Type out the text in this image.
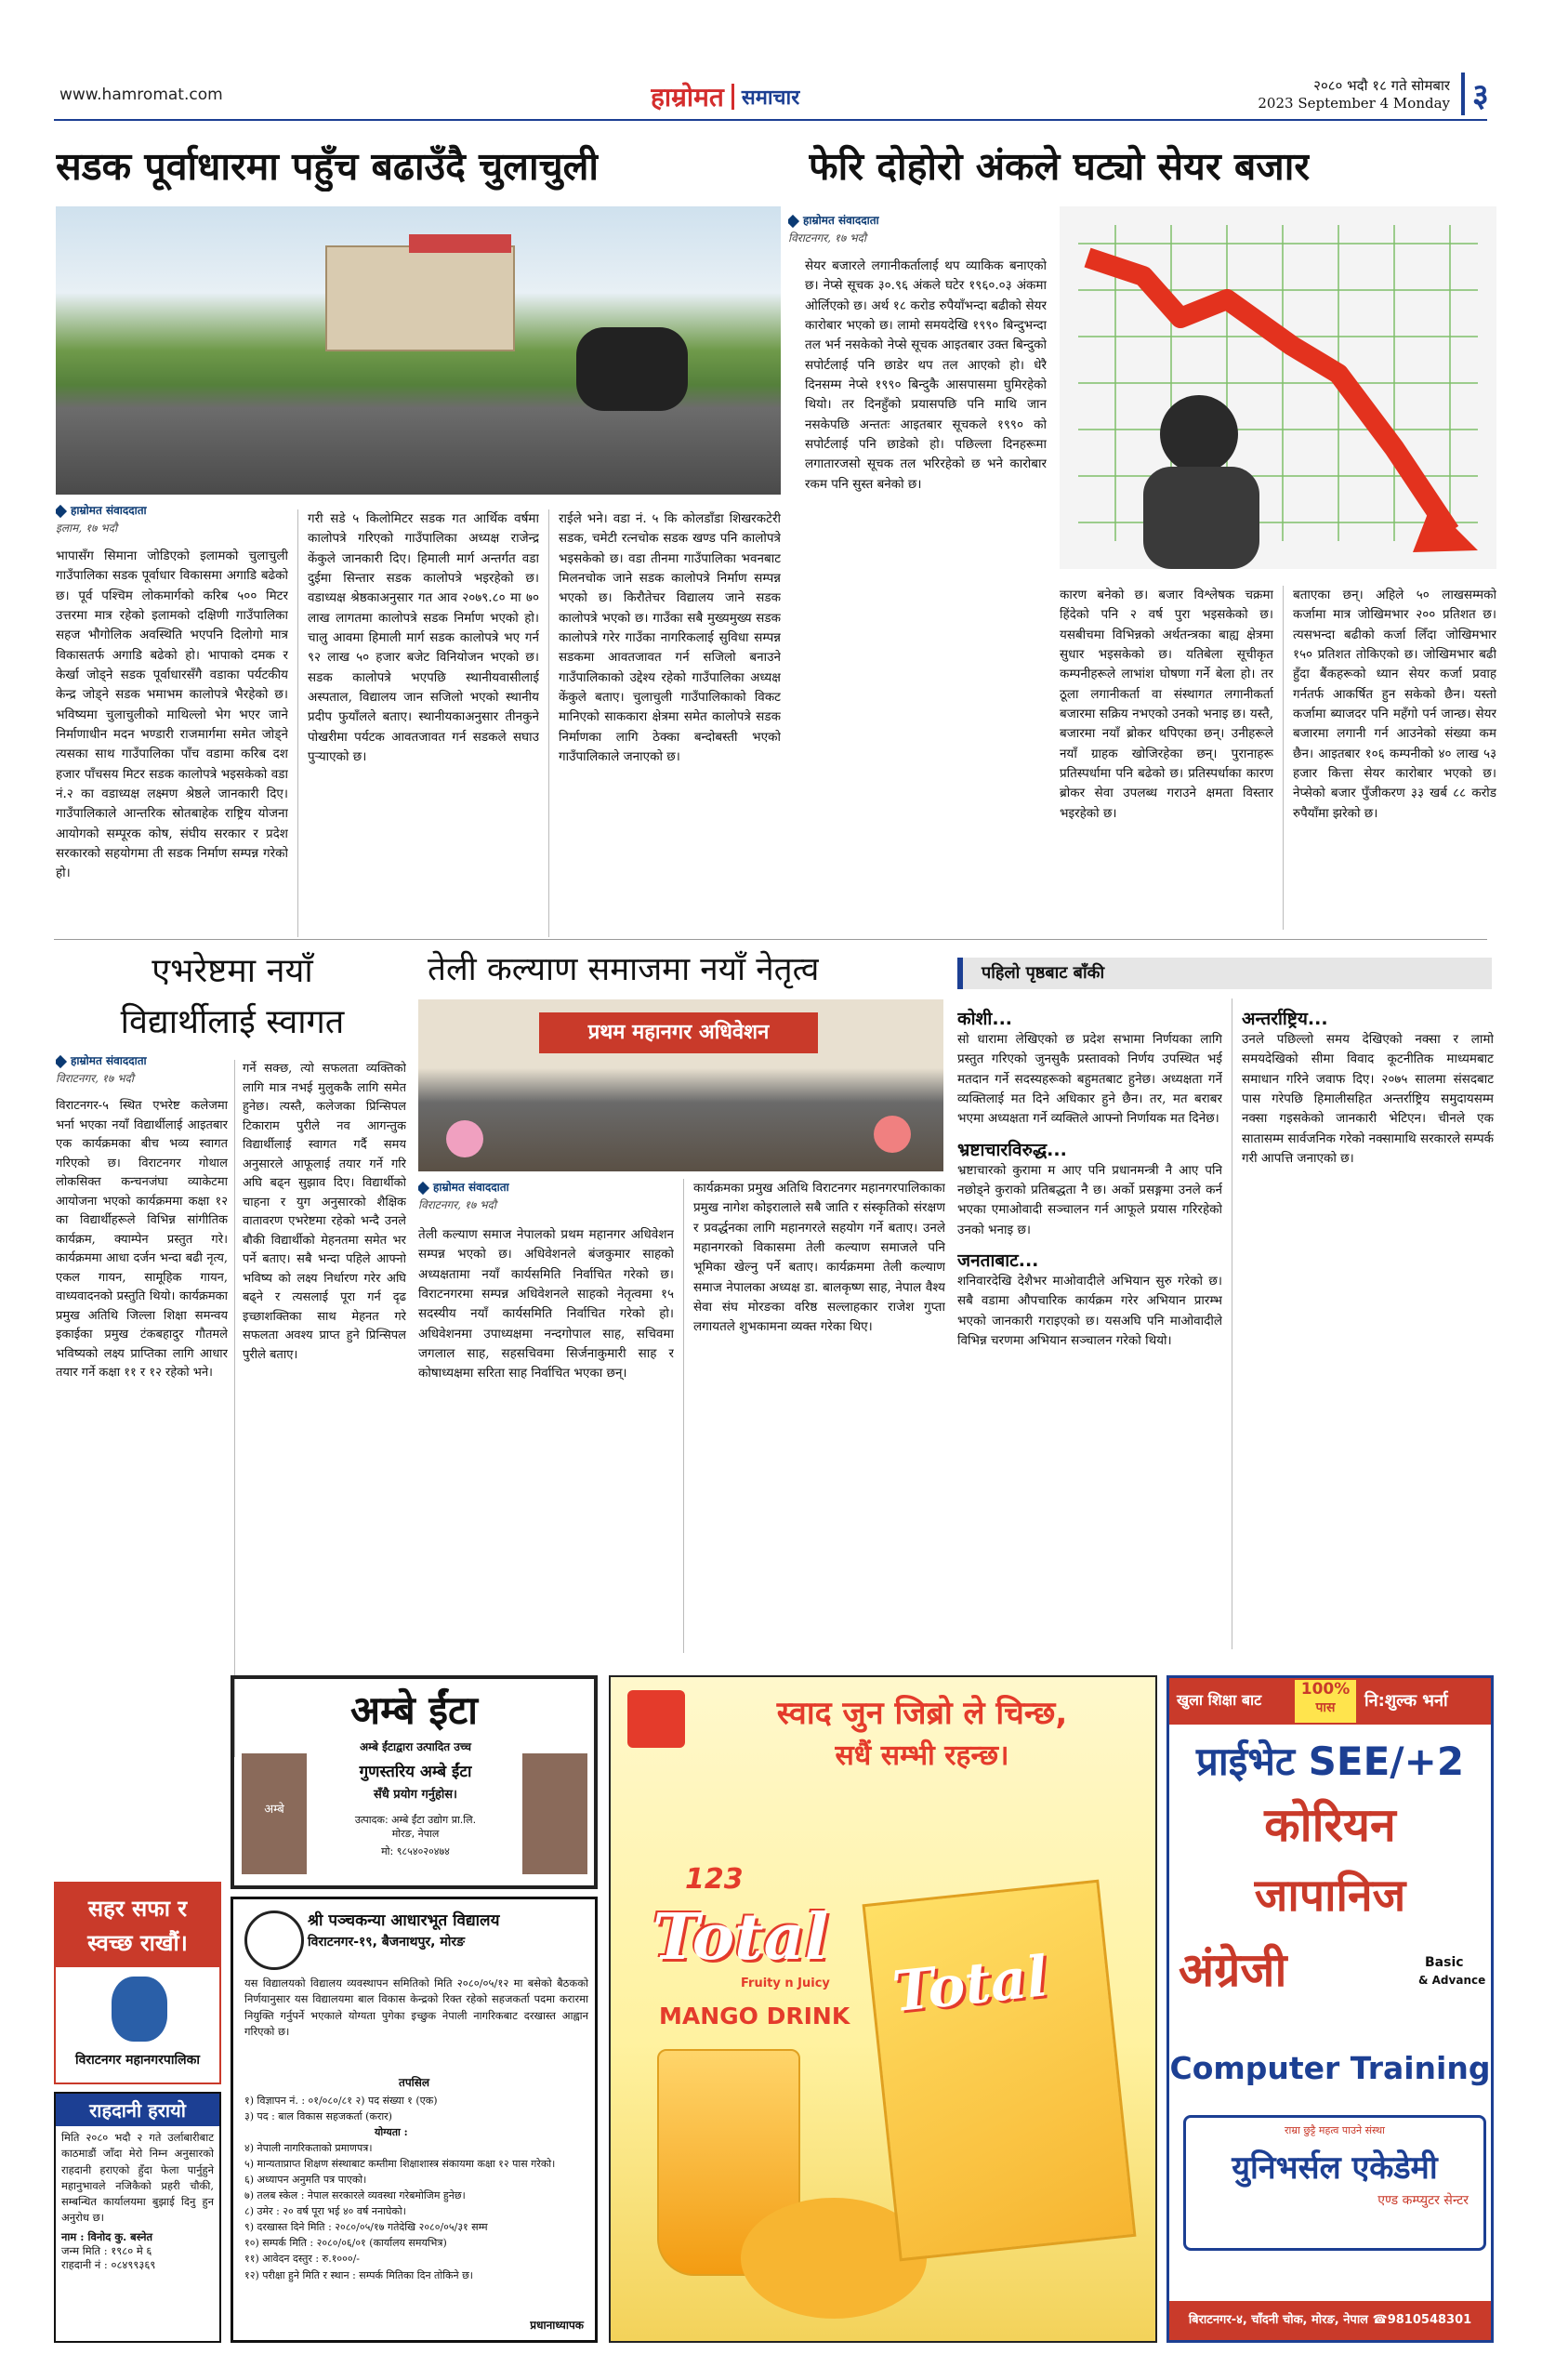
www.hamromat.com	हाम्रोमत समाचार
२०८० भदौ १८ गते सोमबार
2023 September 4 Monday ३
सडक पूर्वाधारमा पहुँच बढाउँदै चुलाचुली
हाम्रोमत संवाददाता
इलाम, १७ भदौ
भापासँग सिमाना जोडिएको इलामको चुलाचुली गाउँपालिका सडक पूर्वाधार विकासमा अगाडि बढेको छ। पूर्व पश्चिम लोकमार्गको करिब ५०० मिटर उत्तरमा मात्र रहेको इलामको दक्षिणी गाउँपालिका सहज भौगोलिक अवस्थिति भएपनि दिलोगो मात्र विकासतर्फ अगाडि बढेको हो। भापाको दमक र केर्खा जोड्ने सडक पूर्वाधारसँगै वडाका पर्यटकीय केन्द्र जोड्ने सडक भमाभम कालोपत्रे भैरहेको छ। भविष्यमा चुलाचुलीको माथिल्लो भेग भएर जाने निर्माणाधीन मदन भण्डारी राजमार्गमा समेत जोड्ने त्यसका साथ गाउँपालिका पाँच वडामा करिब दश हजार पाँचसय मिटर सडक कालोपत्रे भइसकेको वडा नं.२ का वडाध्यक्ष लक्ष्मण श्रेष्ठले जानकारी दिए। गाउँपालिकाले आन्तरिक स्रोतबाहेक राष्ट्रिय योजना आयोगको सम्पूरक कोष, संघीय सरकार र प्रदेश सरकारको सहयोगमा ती सडक निर्माण सम्पन्न गरेको हो।
गरी सडे ५ किलोमिटर सडक गत आर्थिक वर्षमा कालोपत्रे गरिएको गाउँपालिका अध्यक्ष राजेन्द्र केंकुले जानकारी दिए। हिमाली मार्ग अन्तर्गत वडा दुईमा सिन्तार सडक कालोपत्रे भइरहेको छ। वडाध्यक्ष श्रेष्ठकाअनुसार गत आव २०७९.८० मा ७० लाख लागतमा कालोपत्रे सडक निर्माण भएको हो। चालु आवमा हिमाली मार्ग सडक कालोपत्रे भए गर्न ९२ लाख ५० हजार बजेट विनियोजन भएको छ। सडक कालोपत्रे भएपछि स्थानीयवासीलाई अस्पताल, विद्यालय जान सजिलो भएको स्थानीय प्रदीप फुयाँलले बताए। स्थानीयकाअनुसार तीनकुने पोखरीमा पर्यटक आवतजावत गर्न सडकले सघाउ पुऱ्याएको छ।
राईले भने। वडा नं. ५ कि कोलडाँडा शिखरकटेरी सडक, चमेटी रत्नचोक सडक खण्ड पनि कालोपत्रे भइसकेको छ। वडा तीनमा गाउँपालिका भवनबाट मिलनचोक जाने सडक कालोपत्रे निर्माण सम्पन्न भएको छ। किरौतेचर विद्यालय जाने सडक कालोपत्रे भएको छ। गाउँका सबै मुख्यमुख्य सडक कालोपत्रे गरेर गाउँका नागरिकलाई सुविधा सम्पन्न सडकमा आवतजावत गर्न सजिलो बनाउने गाउँपालिकाको उद्देश्य रहेको गाउँपालिका अध्यक्ष केंकुले बताए। चुलाचुली गाउँपालिकाको विकट मानिएको साककारा क्षेत्रमा समेत कालोपत्रे सडक निर्माणका लागि ठेक्का बन्दोबस्ती भएको गाउँपालिकाले जनाएको छ।
फेरि दोहोरो अंकले घट्यो सेयर बजार
हाम्रोमत संवाददाता
विराटनगर, १७ भदौ
सेयर बजारले लगानीकर्तालाई थप व्याकिक बनाएको छ। नेप्से सूचक ३०.९६ अंकले घटेर १९६०.०३ अंकमा ओर्लिएको छ। अर्थ १८ करोड रुपैयाँभन्दा बढीको सेयर कारोबार भएको छ। लामो समयदेखि १९९० बिन्दुभन्दा तल भर्न नसकेको नेप्से सूचक आइतबार उक्त बिन्दुको सपोर्टलाई पनि छाडेर थप तल आएको हो। धेरै दिनसम्म नेप्से १९९० बिन्दुकै आसपासमा घुमिरहेको थियो। तर दिनहुँको प्रयासपछि पनि माथि जान नसकेपछि अन्ततः आइतबार सूचकले १९९० को सपोर्टलाई पनि छाडेको हो। पछिल्ला दिनहरूमा लगातारजसो सूचक तल भरिरहेको छ भने कारोबार रकम पनि सुस्त बनेको छ।
कारण बनेको छ। बजार विश्लेषक चक्रमा हिंदेको पनि २ वर्ष पुरा भइसकेको छ। यसबीचमा विभिन्नको अर्थतन्त्रका बाह्य क्षेत्रमा सुधार भइसकेको छ। यतिबेला सूचीकृत कम्पनीहरूले लाभांश घोषणा गर्ने बेला हो। तर ठूला लगानीकर्ता वा संस्थागत लगानीकर्ता बजारमा सक्रिय नभएको उनको भनाइ छ। यस्तै, बजारमा नयाँ ब्रोकर थपिएका छन्। उनीहरूले नयाँ ग्राहक खोजिरहेका छन्। पुरानाहरू प्रतिस्पर्धामा पनि बढेको छ। प्रतिस्पर्धाका कारण ब्रोकर सेवा उपलब्ध गराउने क्षमता विस्तार भइरहेको छ।
बताएका छन्। अहिले ५० लाखसम्मको कर्जामा मात्र जोखिमभार २०० प्रतिशत छ। त्यसभन्दा बढीको कर्जा लिँदा जोखिमभार १५० प्रतिशत तोकिएको छ। जोखिमभार बढी हुँदा बैंकहरूको ध्यान सेयर कर्जा प्रवाह गर्नतर्फ आकर्षित हुन सकेको छैन। यस्तो कर्जामा ब्याजदर पनि महँगो पर्न जान्छ। सेयर बजारमा लगानी गर्न आउनेको संख्या कम छैन। आइतबार १०६ कम्पनीको ४० लाख ५३ हजार कित्ता सेयर कारोबार भएको छ। नेप्सेको बजार पुँजीकरण ३३ खर्ब ८८ करोड रुपैयाँमा झरेको छ।
एभरेष्टमा नयाँ
विद्यार्थीलाई स्वागत
हाम्रोमत संवाददाता
विराटनगर, १७ भदौ
विराटनगर-५ स्थित एभरेष्ट कलेजमा भर्ना भएका नयाँ विद्यार्थीलाई आइतबार एक कार्यक्रमका बीच भव्य स्वागत गरिएको छ। विराटनगर गोथाल लोकसिक्त कन्चनजंघा व्याकेटमा आयोजना भएको कार्यक्रममा कक्षा १२ का विद्यार्थीहरूले विभिन्न सांगीतिक कार्यक्रम, क्याम्पेन प्रस्तुत गरे। कार्यक्रममा आधा दर्जन भन्दा बढी नृत्य, एकल गायन, सामूहिक गायन, वाध्यवादनको प्रस्तुति थियो। कार्यक्रमका प्रमुख अतिथि जिल्ला शिक्षा समन्वय इकाईका प्रमुख टंकबहादुर गौतमले भविष्यको लक्ष्य प्राप्तिका लागि आधार तयार गर्ने कक्षा ११ र १२ रहेको भने।
गर्ने सक्छ, त्यो सफलता व्यक्तिको लागि मात्र नभई मुलुककै लागि समेत हुनेछ। त्यस्तै, कलेजका प्रिन्सिपल टिकाराम पुरीले नव आगन्तुक विद्यार्थीलाई स्वागत गर्दै समय अनुसारले आफूलाई तयार गर्ने गरि अघि बढ्न सुझाव दिए। विद्यार्थीको चाहना र युग अनुसारको शैक्षिक वातावरण एभरेष्टमा रहेको भन्दै उनले बौकी विद्यार्थीको मेहनतमा समेत भर पर्ने बताए। सबै भन्दा पहिले आफ्नो भविष्य को लक्ष्य निर्धारण गरेर अघि बढ्ने र त्यसलाई पूरा गर्न दृढ इच्छाशक्तिका साथ मेहनत गरे सफलता अवश्य प्राप्त हुने प्रिन्सिपल पुरीले बताए।
तेली कल्याण समाजमा नयाँ नेतृत्व
प्रथम महानगर अधिवेशन
हाम्रोमत संवाददाता
विराटनगर, १७ भदौ
तेली कल्याण समाज नेपालको प्रथम महानगर अधिवेशन सम्पन्न भएको छ। अधिवेशनले बंजकुमार साहको अध्यक्षतामा नयाँ कार्यसमिति निर्वाचित गरेको छ। विराटनगरमा सम्पन्न अधिवेशनले साहको नेतृत्वमा १५ सदस्यीय नयाँ कार्यसमिति निर्वाचित गरेको हो। अधिवेशनमा उपाध्यक्षमा नन्दगोपाल साह, सचिवमा जगलाल साह, सहसचिवमा सिर्जनाकुमारी साह र कोषाध्यक्षमा सरिता साह निर्वाचित भएका छन्।
कार्यक्रमका प्रमुख अतिथि विराटनगर महानगरपालिकाका प्रमुख नागेश कोइरालाले सबै जाति र संस्कृतिको संरक्षण र प्रवर्द्धनका लागि महानगरले सहयोग गर्ने बताए। उनले महानगरको विकासमा तेली कल्याण समाजले पनि भूमिका खेल्नु पर्ने बताए। कार्यक्रममा तेली कल्याण समाज नेपालका अध्यक्ष डा. बालकृष्ण साह, नेपाल वैश्य सेवा संघ मोरङका वरिष्ठ सल्लाहकार राजेश गुप्ता लगायतले शुभकामना व्यक्त गरेका थिए।
पहिलो पृष्ठबाट बाँकी
कोशी...
सो धारामा लेखिएको छ प्रदेश सभामा निर्णयका लागि प्रस्तुत गरिएको जुनसुकै प्रस्तावको निर्णय उपस्थित भई मतदान गर्ने सदस्यहरूको बहुमतबाट हुनेछ। अध्यक्षता गर्ने व्यक्तिलाई मत दिने अधिकार हुने छैन। तर, मत बराबर भएमा अध्यक्षता गर्ने व्यक्तिले आफ्नो निर्णायक मत दिनेछ।
भ्रष्टाचारविरुद्ध...
भ्रष्टाचारको कुरामा म आए पनि प्रधानमन्त्री नै आए पनि नछोड्ने कुराको प्रतिबद्धता नै छ। अर्को प्रसङ्गमा उनले कर्न भएका एमाओवादी सञ्चालन गर्न आफूले प्रयास गरिरहेको उनको भनाइ छ।
जनताबाट...
शनिवारदेखि देशैभर माओवादीले अभियान सुरु गरेको छ। सबै वडामा औपचारिक कार्यक्रम गरेर अभियान प्रारम्भ भएको जानकारी गराइएको छ। यसअघि पनि माओवादीले विभिन्न चरणमा अभियान सञ्चालन गरेको थियो।
अन्तर्राष्ट्रिय...
उनले पछिल्लो समय देखिएको नक्सा र लामो समयदेखिको सीमा विवाद कूटनीतिक माध्यमबाट समाधान गरिने जवाफ दिए। २०७५ सालमा संसदबाट पास गरेपछि हिमालीसहित अन्तर्राष्ट्रिय समुदायसम्म नक्सा गइसकेको जानकारी भेटिएन। चीनले एक सातासम्म सार्वजनिक गरेको नक्सामाथि सरकारले सम्पर्क गरी आपत्ति जनाएको छ।
अम्बे ईंटा
अम्बे
अम्बे ईंटाद्वारा उत्पादित उच्च
गुणस्तरिय अम्बे ईंटा
सँधै प्रयोग गर्नुहोस।
उत्पादक: अम्बे ईंटा उद्योग प्रा.लि.
मोरङ, नेपाल
मो: ९८५४०२०४७४
सहर सफा र
स्वच्छ राखौं।
विराटनगर महानगरपालिका
राहदानी हरायो
मिति २०८० भदौ २ गते उर्लाबारीबाट काठमाडौं जाँदा मेरो निम्न अनुसारको राहदानी हराएको हुँदा फेला पार्नुहुने महानुभावले नजिकैको प्रहरी चौकी, सम्बन्धित कार्यालयमा बुझाई दिनु हुन अनुरोध छ।
नाम : विनोद कु. बस्नेत
जन्म मिति : १९८० मे ६
राहदानी नं : ०८४९९३६९
श्री पञ्चकन्या आधारभूत विद्यालय
विराटनगर-१९, बैजनाथपुर, मोरङ
यस विद्यालयको विद्यालय व्यवस्थापन समितिको मिति २०८०/०५/१२ मा बसेको बैठकको निर्णयानुसार यस विद्यालयमा बाल विकास केन्द्रको रिक्त रहेको सहजकर्ता पदमा करारमा नियुक्ति गर्नुपर्ने भएकाले योग्यता पुगेका इच्छुक नेपाली नागरिकबाट दरखास्त आह्वान गरिएको छ।
तपसिल
१) विज्ञापन नं. : ०१/०८०/८१ २) पद संख्या १ (एक)
३) पद : बाल विकास सहजकर्ता (करार)
योग्यता :
४) नेपाली नागरिकताको प्रमाणपत्र।
५) मान्यताप्राप्त शिक्षण संस्थाबाट कम्तीमा शिक्षाशास्त्र संकायमा कक्षा १२ पास गरेको।
६) अध्यापन अनुमति पत्र पाएको।
७) तलब स्केल : नेपाल सरकारले व्यवस्था गरेबमोजिम हुनेछ।
८) उमेर : २० वर्ष पूरा भई ४० वर्ष ननाघेको।
९) दरखास्त दिने मिति : २०८०/०५/१७ गतेदेखि २०८०/०५/३१ सम्म
१०) सम्पर्क मिति : २०८०/०६/०१ (कार्यालय समयभित्र)
११) आवेदन दस्तुर : रु.१०००/-
१२) परीक्षा हुने मिति र स्थान : सम्पर्क मितिका दिन तोकिने छ।
प्रधानाध्यापक
स्वाद जुन जिब्रो ले चिन्छ,
सधैं सम्भी रहन्छ।
123
Total
Fruity n Juicy
MANGO DRINK Total
खुला शिक्षा बाट
100%
पास	नि:शुल्क भर्ना
प्राईभेट SEE/+2
कोरियन
जापानिज
अंग्रेजी	Basic
& Advance
Computer Training
राम्रा छुट्टै महत्व पाउने संस्था
युनिभर्सल एकेडेमी
एण्ड कम्प्युटर सेन्टर
बिराटनगर-४, चाँदनी चोक, मोरङ, नेपाल ☎9810548301
